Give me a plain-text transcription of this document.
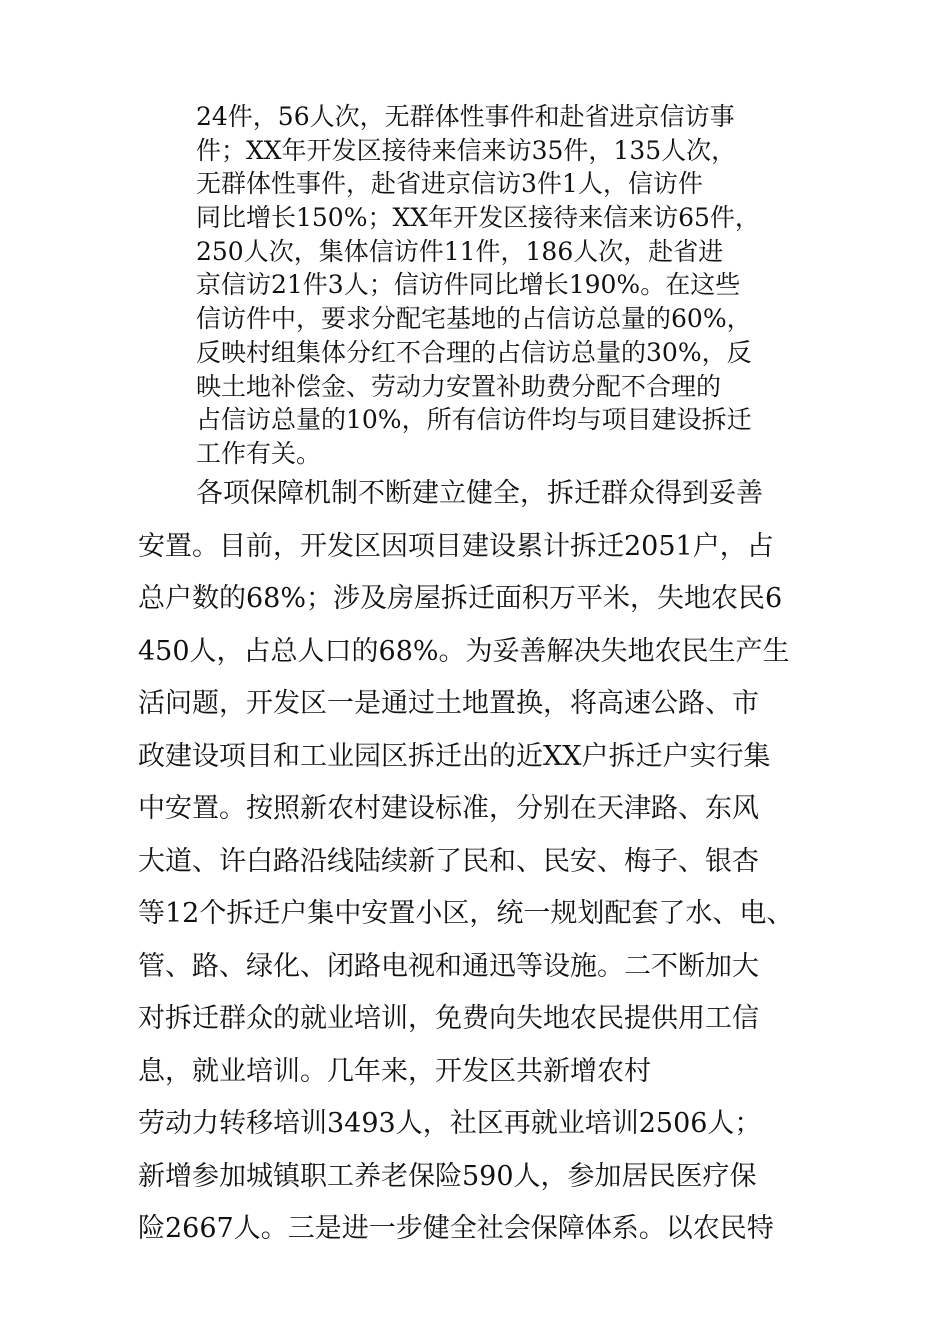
24件，56人次，无群体性事件和赴省进京信访事
件；XX年开发区接待来信来访35件，135人次，
无群体性事件，赴省进京信访3件1人，信访件
同比增长150%；XX年开发区接待来信来访65件，
250人次，集体信访件11件，186人次，赴省进
京信访21件3人；信访件同比增长190%。在这些
信访件中，要求分配宅基地的占信访总量的60%，
反映村组集体分红不合理的占信访总量的30%，反
映土地补偿金、劳动力安置补助费分配不合理的
占信访总量的10%，所有信访件均与项目建设拆迁
工作有关。
各项保障机制不断建立健全，拆迁群众得到妥善
安置。目前，开发区因项目建设累计拆迁2051户，占
总户数的68%；涉及房屋拆迁面积万平米，失地农民6
450人，占总人口的68%。为妥善解决失地农民生产生
活问题，开发区一是通过土地置换，将高速公路、市
政建设项目和工业园区拆迁出的近XX户拆迁户实行集
中安置。按照新农村建设标准，分别在天津路、东风
大道、许白路沿线陆续新了民和、民安、梅子、银杏
等12个拆迁户集中安置小区，统一规划配套了水、电、
管、路、绿化、闭路电视和通迅等设施。二不断加大
对拆迁群众的就业培训，免费向失地农民提供用工信
息，就业培训。几年来，开发区共新增农村
劳动力转移培训3493人，社区再就业培训2506人；
新增参加城镇职工养老保险590人，参加居民医疗保
险2667人。三是进一步健全社会保障体系。以农民特
